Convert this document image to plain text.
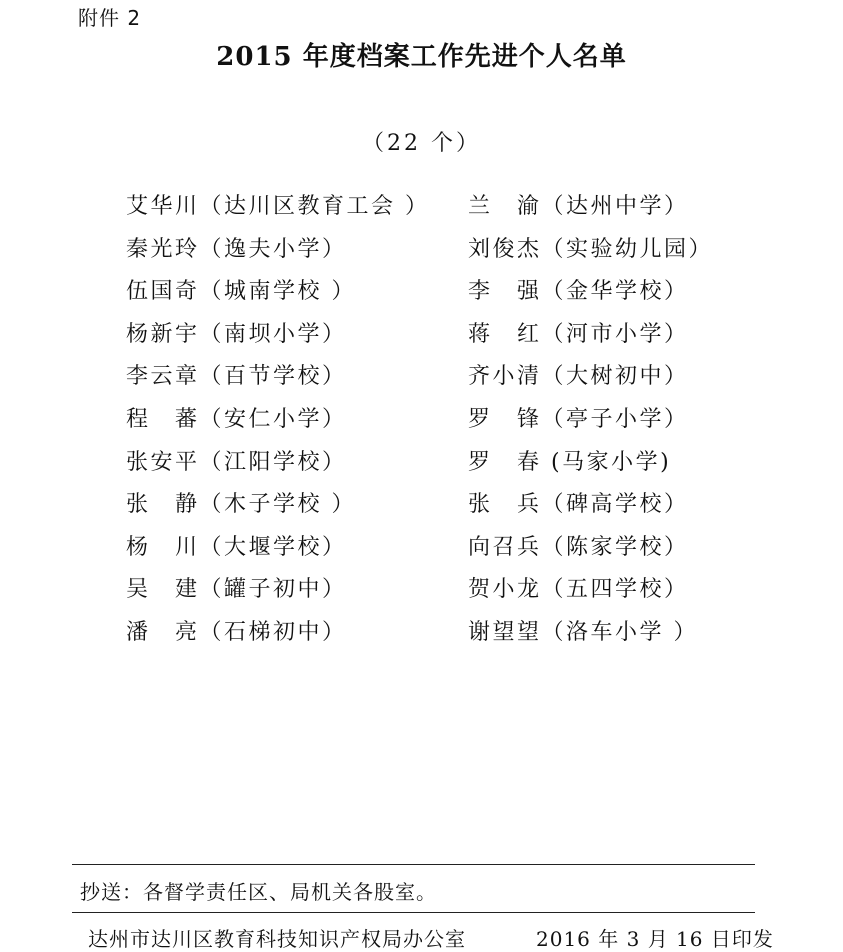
附件 2
2015 年度档案工作先进个人名单
（22 个）
艾华川（达川区教育工会 ）
秦光玲（逸夫小学）
伍国奇（城南学校 ）
杨新宇（南坝小学）
李云章（百节学校）
程　蕃（安仁小学）
张安平（江阳学校）
张　静（木子学校 ）
杨　川（大堰学校）
吴　建（罐子初中）
潘　亮（石梯初中）
兰　渝（达州中学）
刘俊杰（实验幼儿园）
李　强（金华学校）
蒋　红（河市小学）
齐小清（大树初中）
罗　锋（亭子小学）
罗　春 (马家小学)
张　兵（碑高学校）
向召兵（陈家学校）
贺小龙（五四学校）
谢望望（洛车小学 ）
抄送：各督学责任区、局机关各股室。
达州市达川区教育科技知识产权局办公室	2016 年 3 月 16 日印发
